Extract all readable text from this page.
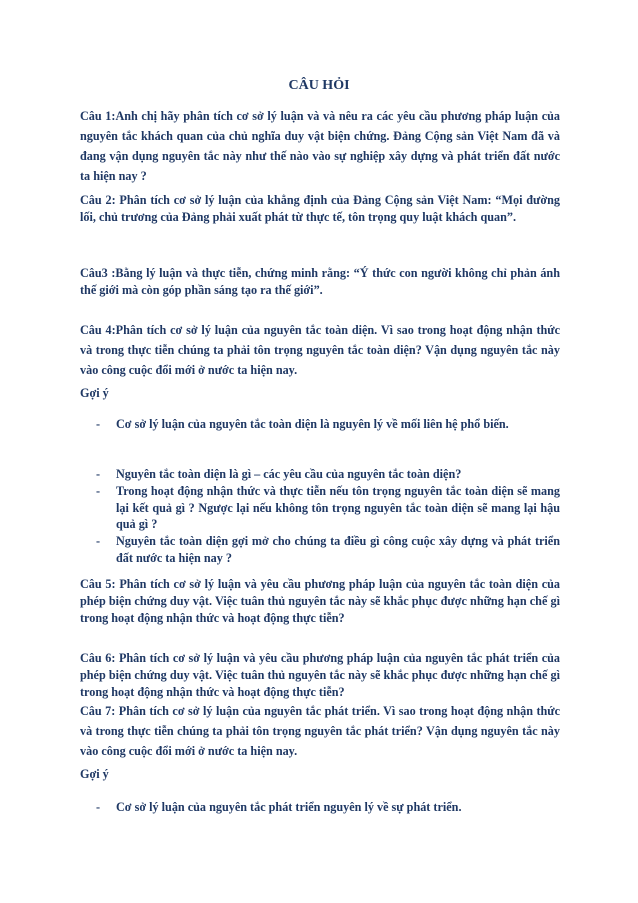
CÂU HỎI
Câu 1:Anh chị hãy phân tích cơ sở lý luận và và nêu ra các yêu cầu phương pháp luận của nguyên tắc khách quan của chủ nghĩa duy vật biện chứng. Đảng Cộng sản Việt Nam đã và đang vận dụng nguyên tắc này như thế nào vào sự nghiệp xây dựng và phát triển đất nước ta hiện nay ?
Câu 2: Phân tích cơ sở lý luận của khẳng định của Đảng Cộng sản Việt Nam: “Mọi đường lối, chủ trương của Đảng phải xuất phát từ thực tế, tôn trọng quy luật khách quan”.
Câu3 :Bằng lý luận và thực tiễn, chứng minh rằng: “Ý thức con người không chỉ phản ánh thế giới mà còn góp phần sáng tạo ra thế giới”.
Câu 4:Phân tích cơ sở lý luận của nguyên tắc toàn diện. Vì sao trong hoạt động nhận thức và trong thực tiễn chúng ta phải tôn trọng nguyên tắc toàn diện? Vận dụng nguyên tắc này vào công cuộc đổi mới ở nước ta hiện nay.
Gợi ý
- Cơ sở lý luận của nguyên tắc toàn diện là nguyên lý về mối liên hệ phổ biến.
- Nguyên tắc toàn diện là gì – các yêu cầu của nguyên tắc toàn diện?
- Trong hoạt động nhận thức và thực tiễn nếu tôn trọng nguyên tắc toàn diện sẽ mang lại kết quả gì ? Ngược lại nếu không tôn trọng nguyên tắc toàn diện sẽ mang lại hậu quả gì ?
- Nguyên tắc toàn diện gợi mở cho chúng ta điều gì công cuộc xây dựng và phát triển đất nước ta hiện nay ?
Câu 5: Phân tích cơ sở lý luận và yêu cầu phương pháp luận của nguyên tắc toàn diện của phép biện chứng duy vật. Việc tuân thủ nguyên tắc này sẽ khắc phục được những hạn chế gì trong hoạt động nhận thức và hoạt động thực tiễn?
Câu 6: Phân tích cơ sở lý luận và yêu cầu phương pháp luận của nguyên tắc phát triển của phép biện chứng duy vật. Việc tuân thủ nguyên tắc này sẽ khắc phục được những hạn chế gì trong hoạt động nhận thức và hoạt động thực tiễn?
Câu 7: Phân tích cơ sở lý luận của nguyên tắc phát triển. Vì sao trong hoạt động nhận thức và trong thực tiễn chúng ta phải tôn trọng nguyên tắc phát triển? Vận dụng nguyên tắc này vào công cuộc đổi mới ở nước ta hiện nay.
Gợi ý
- Cơ sở lý luận của nguyên tắc phát triển nguyên lý về sự phát triển.
